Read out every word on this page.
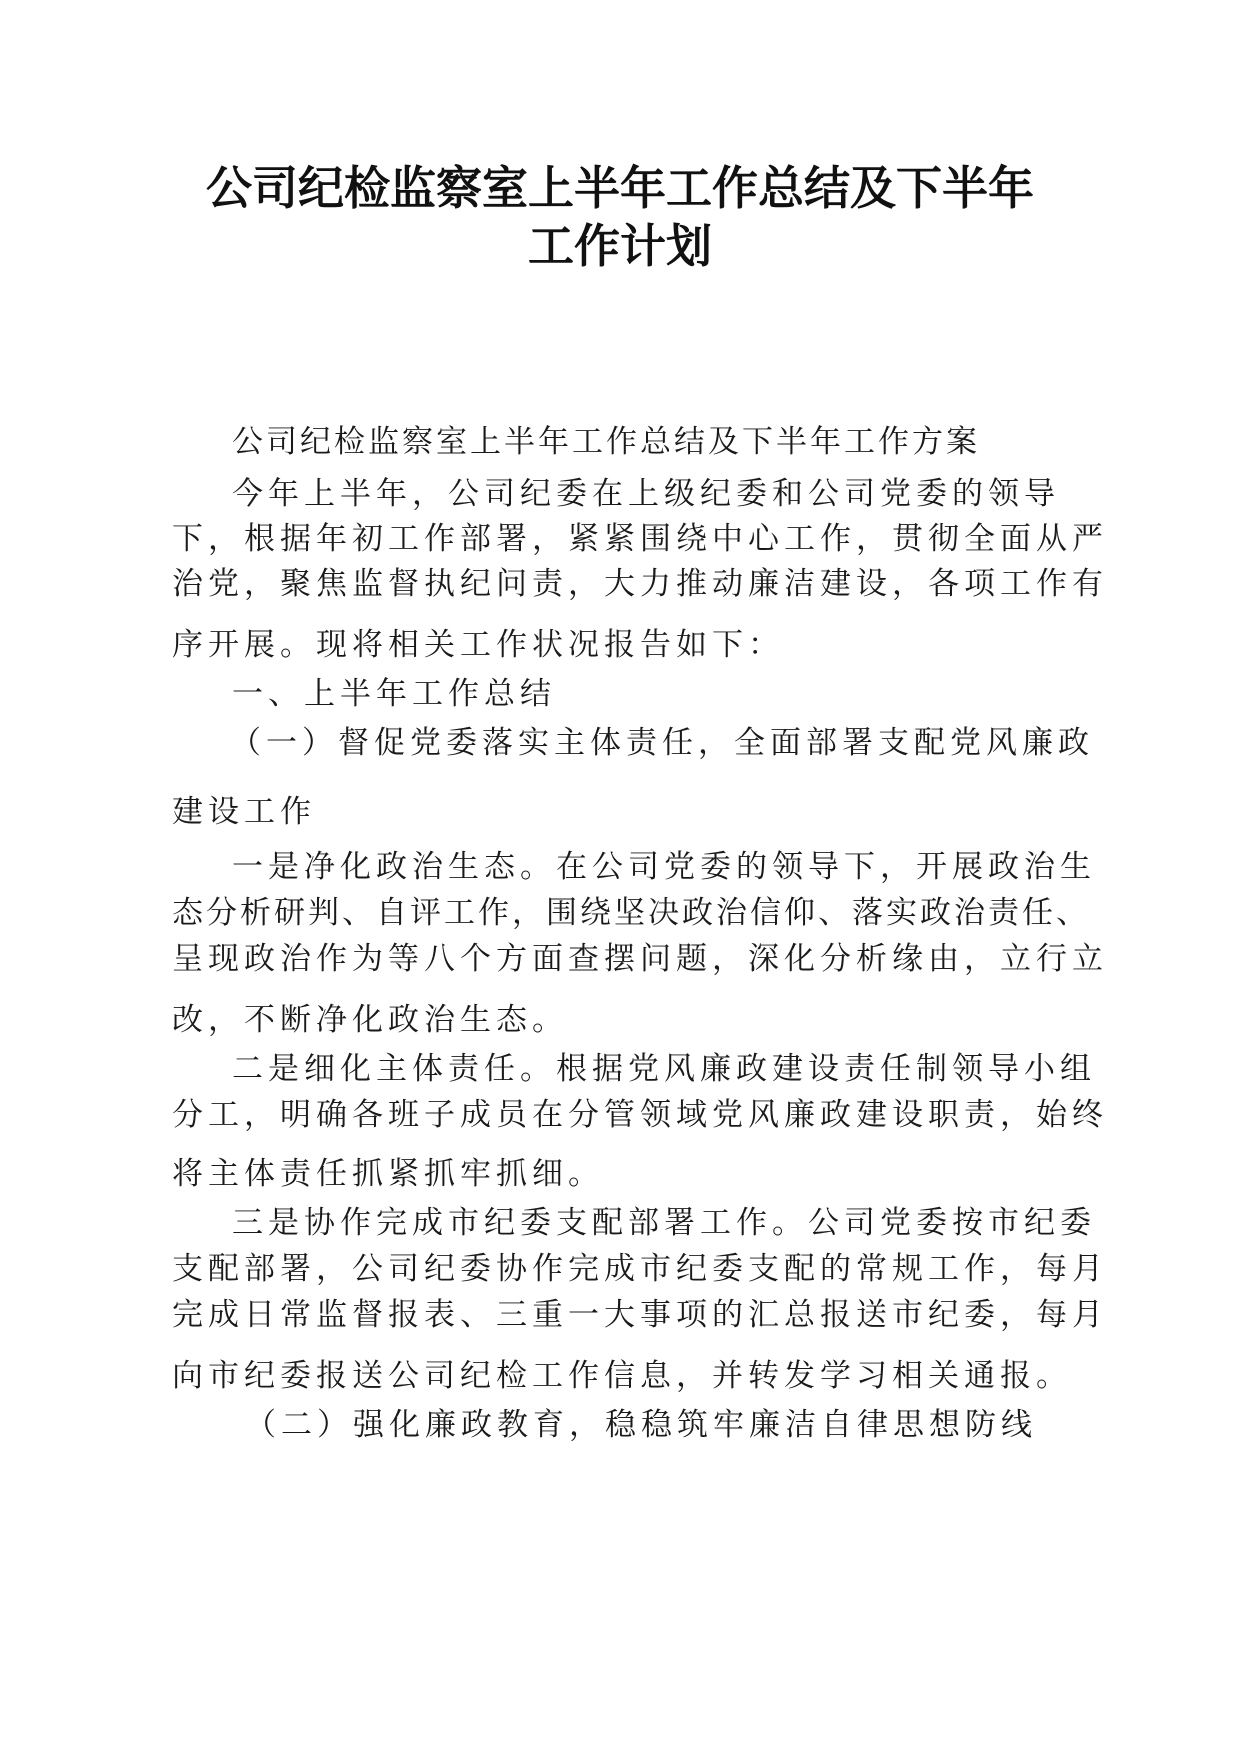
公司纪检监察室上半年工作总结及下半年
工作计划
公司纪检监察室上半年工作总结及下半年工作方案
今年上半年，公司纪委在上级纪委和公司党委的领导
下，根据年初工作部署，紧紧围绕中心工作，贯彻全面从严
治党，聚焦监督执纪问责，大力推动廉洁建设，各项工作有
序开展。现将相关工作状况报告如下：
一、上半年工作总结
（一）督促党委落实主体责任，全面部署支配党风廉政
建设工作
一是净化政治生态。在公司党委的领导下，开展政治生
态分析研判、自评工作，围绕坚决政治信仰、落实政治责任、
呈现政治作为等八个方面查摆问题，深化分析缘由，立行立
改，不断净化政治生态。
二是细化主体责任。根据党风廉政建设责任制领导小组
分工，明确各班子成员在分管领域党风廉政建设职责，始终
将主体责任抓紧抓牢抓细。
三是协作完成市纪委支配部署工作。公司党委按市纪委
支配部署，公司纪委协作完成市纪委支配的常规工作，每月
完成日常监督报表、三重一大事项的汇总报送市纪委，每月
向市纪委报送公司纪检工作信息，并转发学习相关通报。
（二）强化廉政教育，稳稳筑牢廉洁自律思想防线
